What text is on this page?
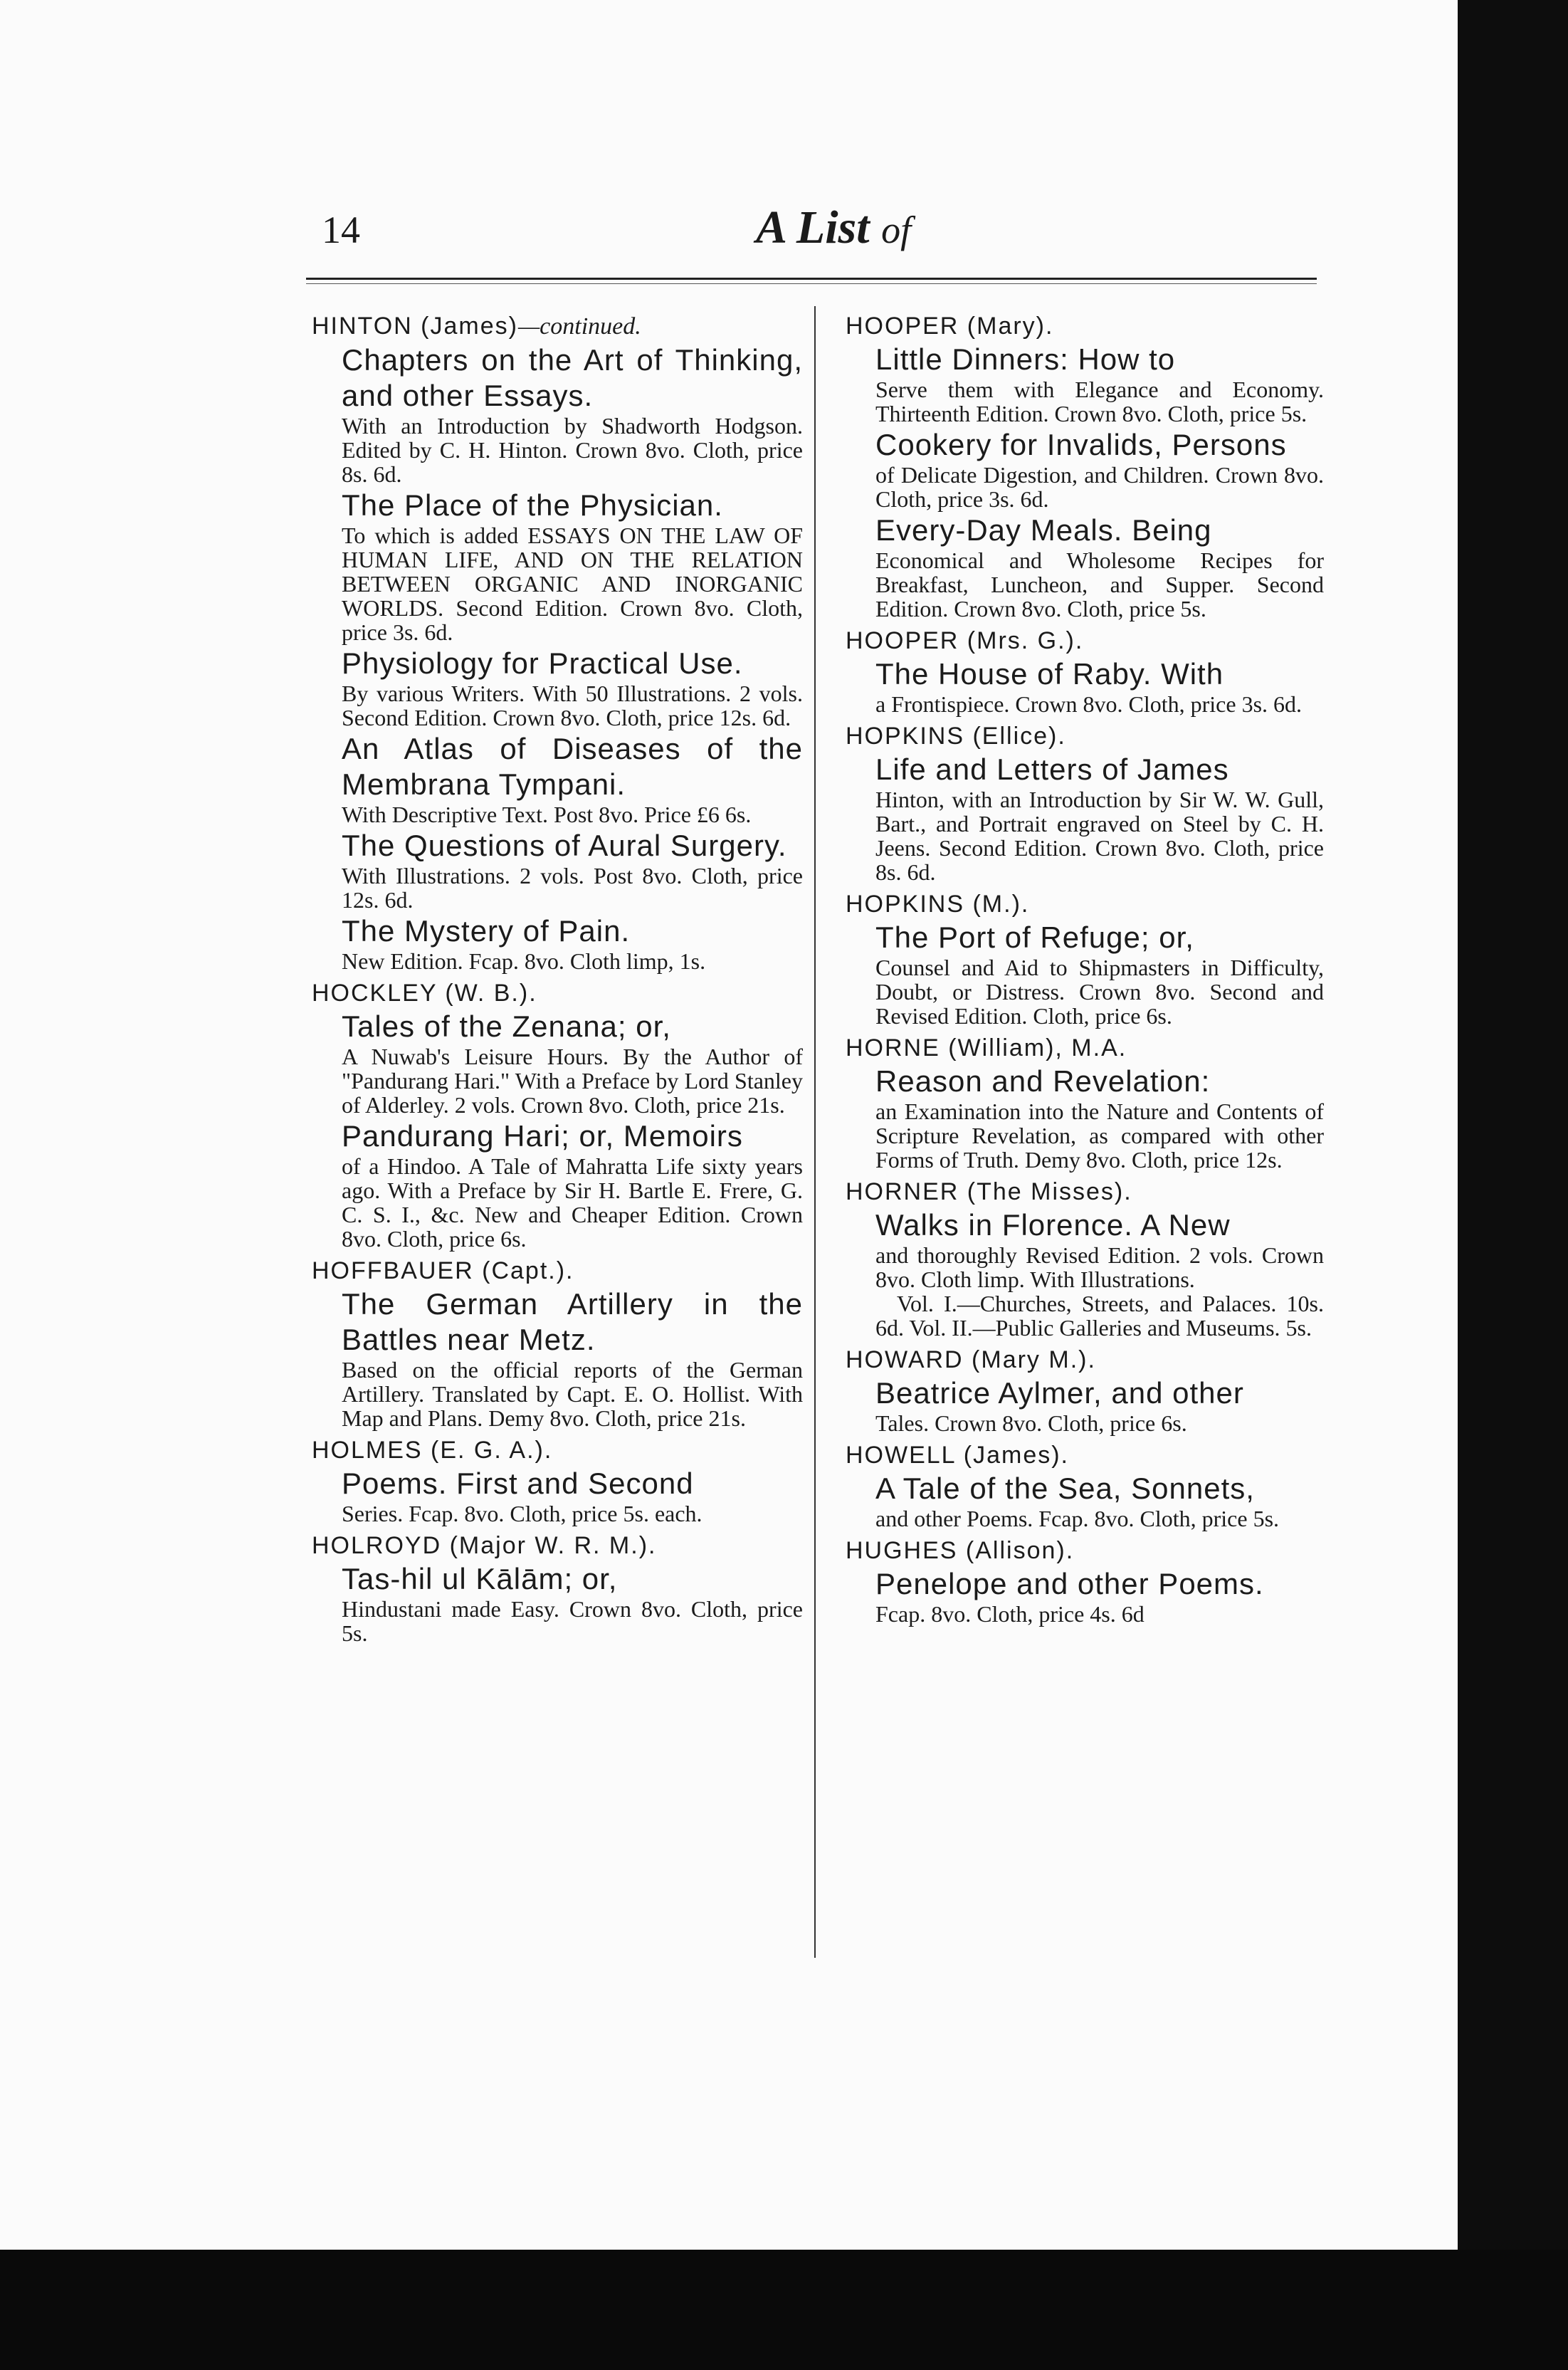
14	A List of
HINTON (James)—continued.
Chapters on the Art of Thinking, and other Essays.
With an Introduction by Shadworth Hodgson. Edited by C. H. Hinton. Crown 8vo. Cloth, price 8s. 6d.
The Place of the Physician.
To which is added ESSAYS ON THE LAW OF HUMAN LIFE, AND ON THE RELATION BETWEEN ORGANIC AND INORGANIC WORLDS. Second Edition. Crown 8vo. Cloth, price 3s. 6d.
Physiology for Practical Use.
By various Writers. With 50 Illustrations. 2 vols. Second Edition. Crown 8vo. Cloth, price 12s. 6d.
An Atlas of Diseases of the Membrana Tympani.
With Descriptive Text. Post 8vo. Price £6 6s.
The Questions of Aural Surgery.
With Illustrations. 2 vols. Post 8vo. Cloth, price 12s. 6d.
The Mystery of Pain.
New Edition. Fcap. 8vo. Cloth limp, 1s.
HOCKLEY (W. B.).
Tales of the Zenana; or,
A Nuwab's Leisure Hours. By the Author of "Pandurang Hari." With a Preface by Lord Stanley of Alderley. 2 vols. Crown 8vo. Cloth, price 21s.
Pandurang Hari; or, Memoirs
of a Hindoo. A Tale of Mahratta Life sixty years ago. With a Preface by Sir H. Bartle E. Frere, G. C. S. I., &c. New and Cheaper Edition. Crown 8vo. Cloth, price 6s.
HOFFBAUER (Capt.).
The German Artillery in the Battles near Metz.
Based on the official reports of the German Artillery. Translated by Capt. E. O. Hollist. With Map and Plans. Demy 8vo. Cloth, price 21s.
HOLMES (E. G. A.).
Poems. First and Second
Series. Fcap. 8vo. Cloth, price 5s. each.
HOLROYD (Major W. R. M.).
Tas-hil ul Kālām; or,
Hindustani made Easy. Crown 8vo. Cloth, price 5s.
HOOPER (Mary).
Little Dinners: How to
Serve them with Elegance and Economy. Thirteenth Edition. Crown 8vo. Cloth, price 5s.
Cookery for Invalids, Persons
of Delicate Digestion, and Children. Crown 8vo. Cloth, price 3s. 6d.
Every-Day Meals. Being
Economical and Wholesome Recipes for Breakfast, Luncheon, and Supper. Second Edition. Crown 8vo. Cloth, price 5s.
HOOPER (Mrs. G.).
The House of Raby. With
a Frontispiece. Crown 8vo. Cloth, price 3s. 6d.
HOPKINS (Ellice).
Life and Letters of James
Hinton, with an Introduction by Sir W. W. Gull, Bart., and Portrait engraved on Steel by C. H. Jeens. Second Edition. Crown 8vo. Cloth, price 8s. 6d.
HOPKINS (M.).
The Port of Refuge; or,
Counsel and Aid to Shipmasters in Difficulty, Doubt, or Distress. Crown 8vo. Second and Revised Edition. Cloth, price 6s.
HORNE (William), M.A.
Reason and Revelation:
an Examination into the Nature and Contents of Scripture Revelation, as compared with other Forms of Truth. Demy 8vo. Cloth, price 12s.
HORNER (The Misses).
Walks in Florence. A New
and thoroughly Revised Edition. 2 vols. Crown 8vo. Cloth limp. With Illustrations.
Vol. I.—Churches, Streets, and Palaces. 10s. 6d. Vol. II.—Public Galleries and Museums. 5s.
HOWARD (Mary M.).
Beatrice Aylmer, and other
Tales. Crown 8vo. Cloth, price 6s.
HOWELL (James).
A Tale of the Sea, Sonnets,
and other Poems. Fcap. 8vo. Cloth, price 5s.
HUGHES (Allison).
Penelope and other Poems.
Fcap. 8vo. Cloth, price 4s. 6d
